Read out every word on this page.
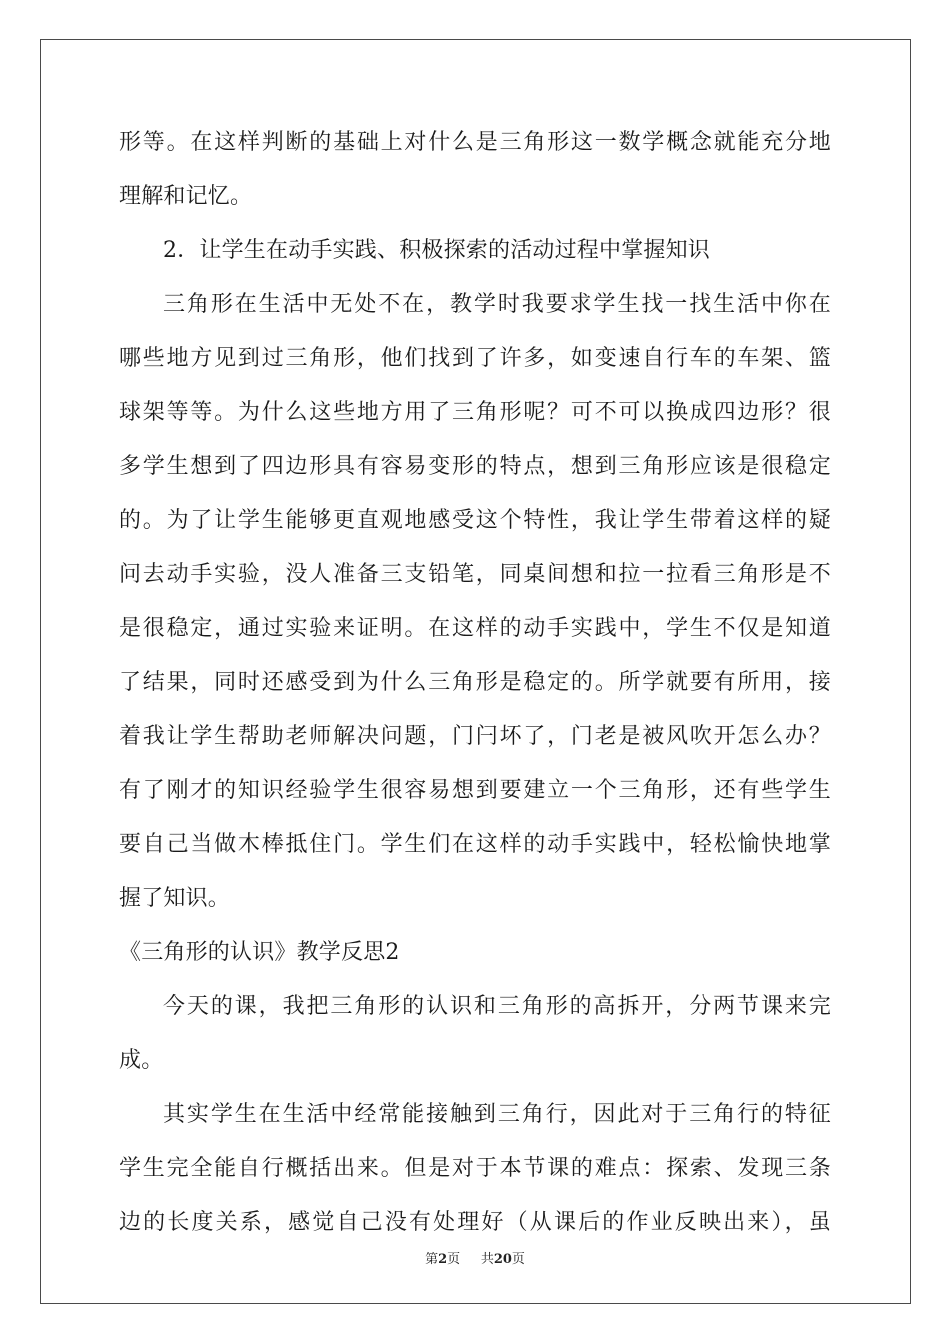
形等。在这样判断的基础上对什么是三角形这一数学概念就能充分地
理解和记忆。
2．让学生在动手实践、积极探索的活动过程中掌握知识
三角形在生活中无处不在，教学时我要求学生找一找生活中你在
哪些地方见到过三角形，他们找到了许多，如变速自行车的车架、篮
球架等等。为什么这些地方用了三角形呢？可不可以换成四边形？很
多学生想到了四边形具有容易变形的特点，想到三角形应该是很稳定
的。为了让学生能够更直观地感受这个特性，我让学生带着这样的疑
问去动手实验，没人准备三支铅笔，同桌间想和拉一拉看三角形是不
是很稳定，通过实验来证明。在这样的动手实践中，学生不仅是知道
了结果，同时还感受到为什么三角形是稳定的。所学就要有所用，接
着我让学生帮助老师解决问题，门闩坏了，门老是被风吹开怎么办？
有了刚才的知识经验学生很容易想到要建立一个三角形，还有些学生
要自己当做木棒抵住门。学生们在这样的动手实践中，轻松愉快地掌
握了知识。
《三角形的认识》教学反思2
今天的课，我把三角形的认识和三角形的高拆开，分两节课来完
成。
其实学生在生活中经常能接触到三角行，因此对于三角行的特征
学生完全能自行概括出来。但是对于本节课的难点：探索、发现三条
边的长度关系，感觉自己没有处理好（从课后的作业反映出来），虽
第2页 共20页
